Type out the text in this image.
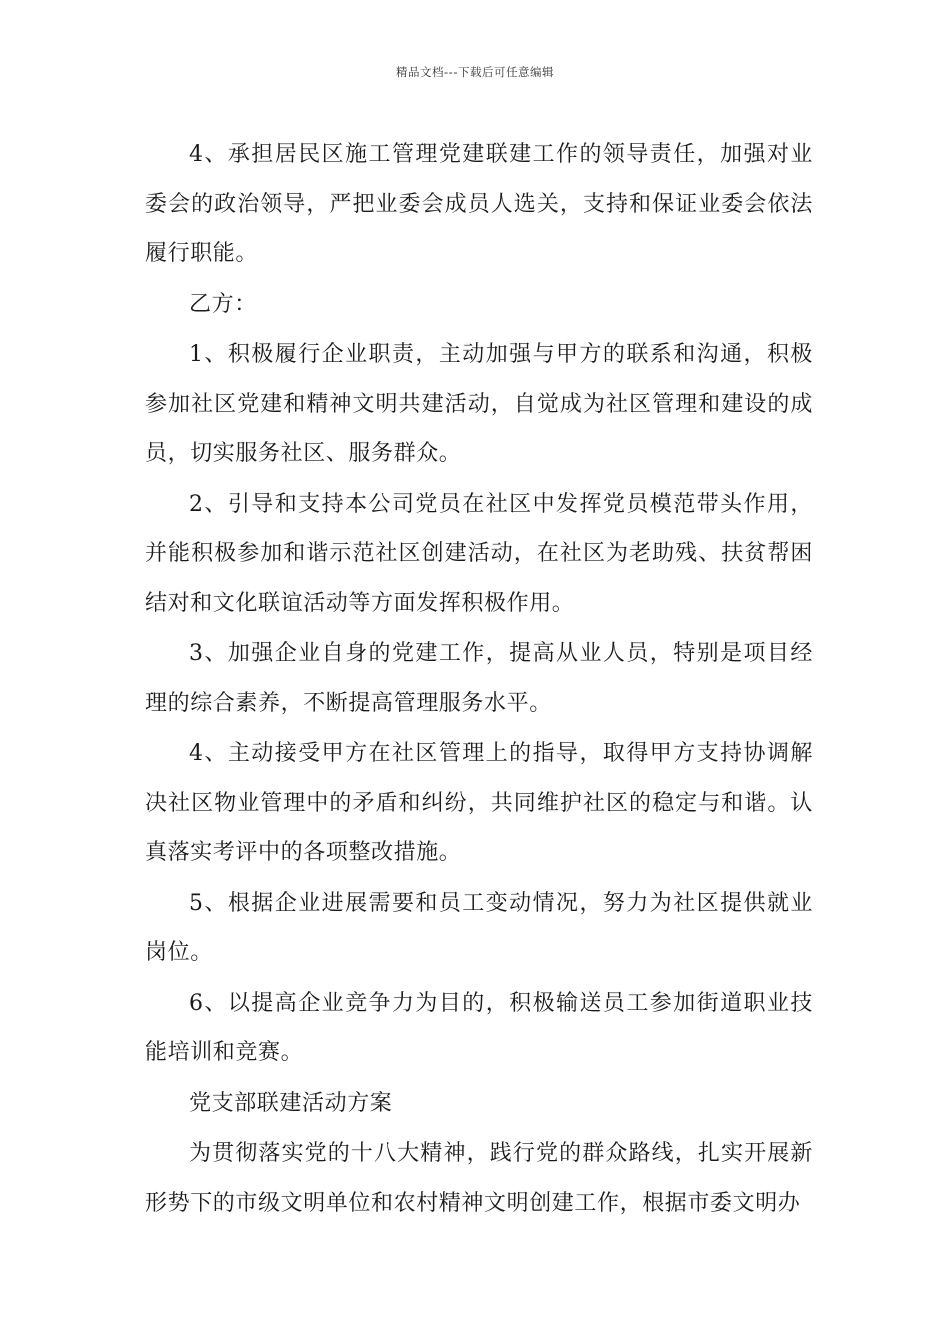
精品文档---下载后可任意编辑

4、承担居民区施工管理党建联建工作的领导责任，加强对业委会的政治领导，严把业委会成员人选关，支持和保证业委会依法履行职能。

乙方：

1、积极履行企业职责，主动加强与甲方的联系和沟通，积极参加社区党建和精神文明共建活动，自觉成为社区管理和建设的成员，切实服务社区、服务群众。

2、引导和支持本公司党员在社区中发挥党员模范带头作用，并能积极参加和谐示范社区创建活动，在社区为老助残、扶贫帮困结对和文化联谊活动等方面发挥积极作用。

3、加强企业自身的党建工作，提高从业人员，特别是项目经理的综合素养，不断提高管理服务水平。

4、主动接受甲方在社区管理上的指导，取得甲方支持协调解决社区物业管理中的矛盾和纠纷，共同维护社区的稳定与和谐。认真落实考评中的各项整改措施。

5、根据企业进展需要和员工变动情况，努力为社区提供就业岗位。

6、以提高企业竞争力为目的，积极输送员工参加街道职业技能培训和竞赛。

党支部联建活动方案

为贯彻落实党的十八大精神，践行党的群众路线，扎实开展新形势下的市级文明单位和农村精神文明创建工作，根据市委文明办
